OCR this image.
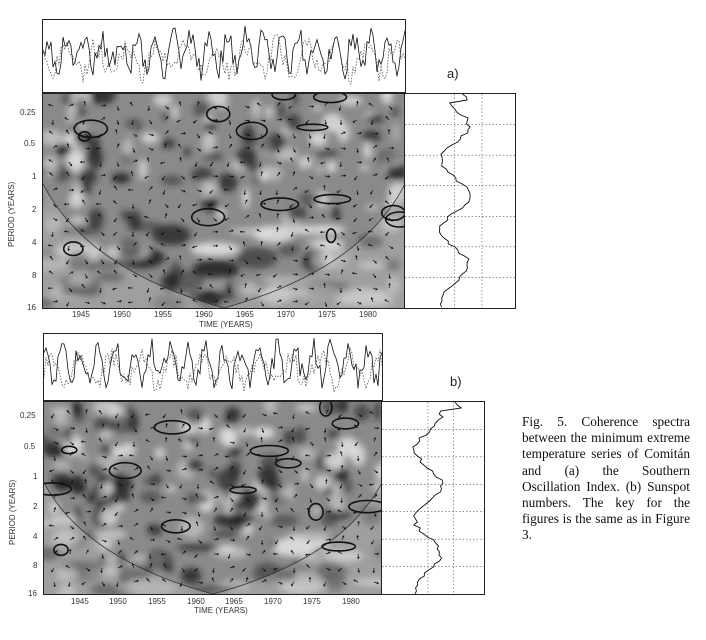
a)
0.25
0.5
1
2
4
8
16
PERIOD (YEARS)
1945	1950	1955	1960	1965	1970	1975	1980
TIME (YEARS)
b)
0.25
0.5
1
2
4
8
16
PERIOD (YEARS)
1945	1950	1955	1960	1965	1970	1975	1980
TIME (YEARS)
Fig. 5. Coherence spectra between the minimum extreme temperature series of Comitán and (a) the Southern Oscillation Index. (b) Sunspot numbers. The key for the figures is the same as in Figure 3.
